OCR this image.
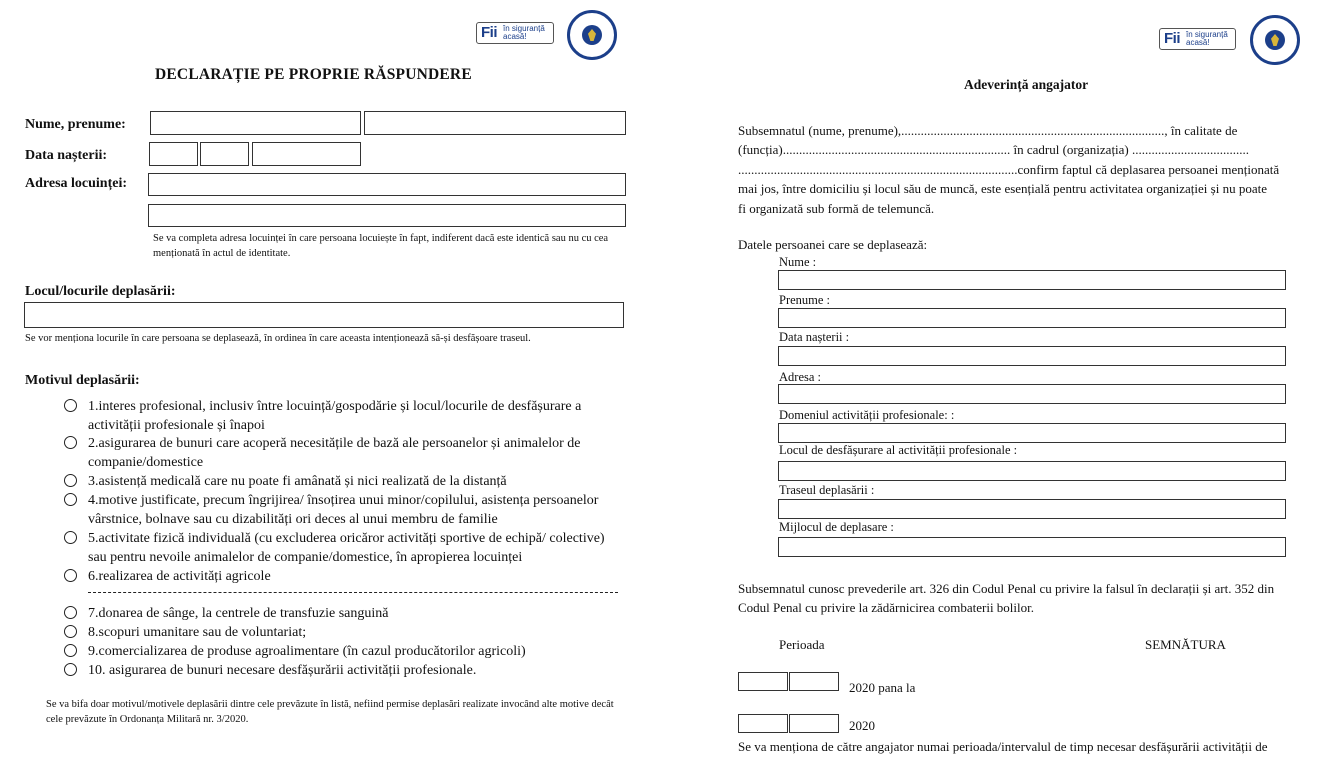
Fii în siguranță
acasă!
DECLARAȚIE PE PROPRIE RĂSPUNDERE
Nume, prenume:
Data nașterii:
Adresa locuinței:
Se va completa adresa locuinței în care persoana locuiește în fapt, indiferent dacă este identică sau nu cu cea menționată în actul de identitate.
Locul/locurile deplasării:
Se vor menționa locurile în care persoana se deplasează, în ordinea în care aceasta intenționează să-și desfășoare traseul.
Motivul deplasării:
1.interes profesional, inclusiv între locuință/gospodărie și locul/locurile de desfășurare a activității profesionale și înapoi
2.asigurarea de bunuri care acoperă necesitățile de bază ale persoanelor și animalelor de companie/domestice
3.asistență medicală care nu poate fi amânată și nici realizată de la distanță
4.motive justificate, precum îngrijirea/ însoțirea unui minor/copilului, asistența persoanelor vârstnice, bolnave sau cu dizabilități ori deces al unui membru de familie
5.activitate fizică individuală (cu excluderea oricăror activități sportive de echipă/ colective) sau pentru nevoile animalelor de companie/domestice, în apropierea locuinței
6.realizarea de activități agricole
7.donarea de sânge, la centrele de transfuzie sanguină
8.scopuri umanitare sau de voluntariat;
9.comercializarea de produse agroalimentare (în cazul producătorilor agricoli)
10. asigurarea de bunuri necesare desfășurării activității profesionale.
Se va bifa doar motivul/motivele deplasării dintre cele prevăzute în listă, nefiind permise deplasări realizate invocând alte motive decât cele prevăzute în Ordonanța Militară nr. 3/2020.
Fii în siguranță
acasă!
Adeverință angajator
Subsemnatul (nume, prenume),................................................................................., în calitate de
(funcția)...................................................................... în cadrul (organizația) ....................................
......................................................................................confirm faptul că deplasarea persoanei menționată
mai jos, între domiciliu și locul său de muncă, este esențială pentru activitatea organizației și nu poate
fi organizată sub formă de telemuncă.
Datele persoanei care se deplasează:
Nume :
Prenume :
Data nașterii :
Adresa :
Domeniul activității profesionale: :
Locul de desfășurare al activității profesionale :
Traseul deplasării :
Mijlocul de deplasare :
Subsemnatul cunosc prevederile art. 326 din Codul Penal cu privire la falsul în declarații și art. 352 din
Codul Penal cu privire la zădărnicirea combaterii bolilor.
Perioada	SEMNĂTURA
2020 pana la
2020
Se va menționa de către angajator numai perioada/intervalul de timp necesar desfășurării activității de
